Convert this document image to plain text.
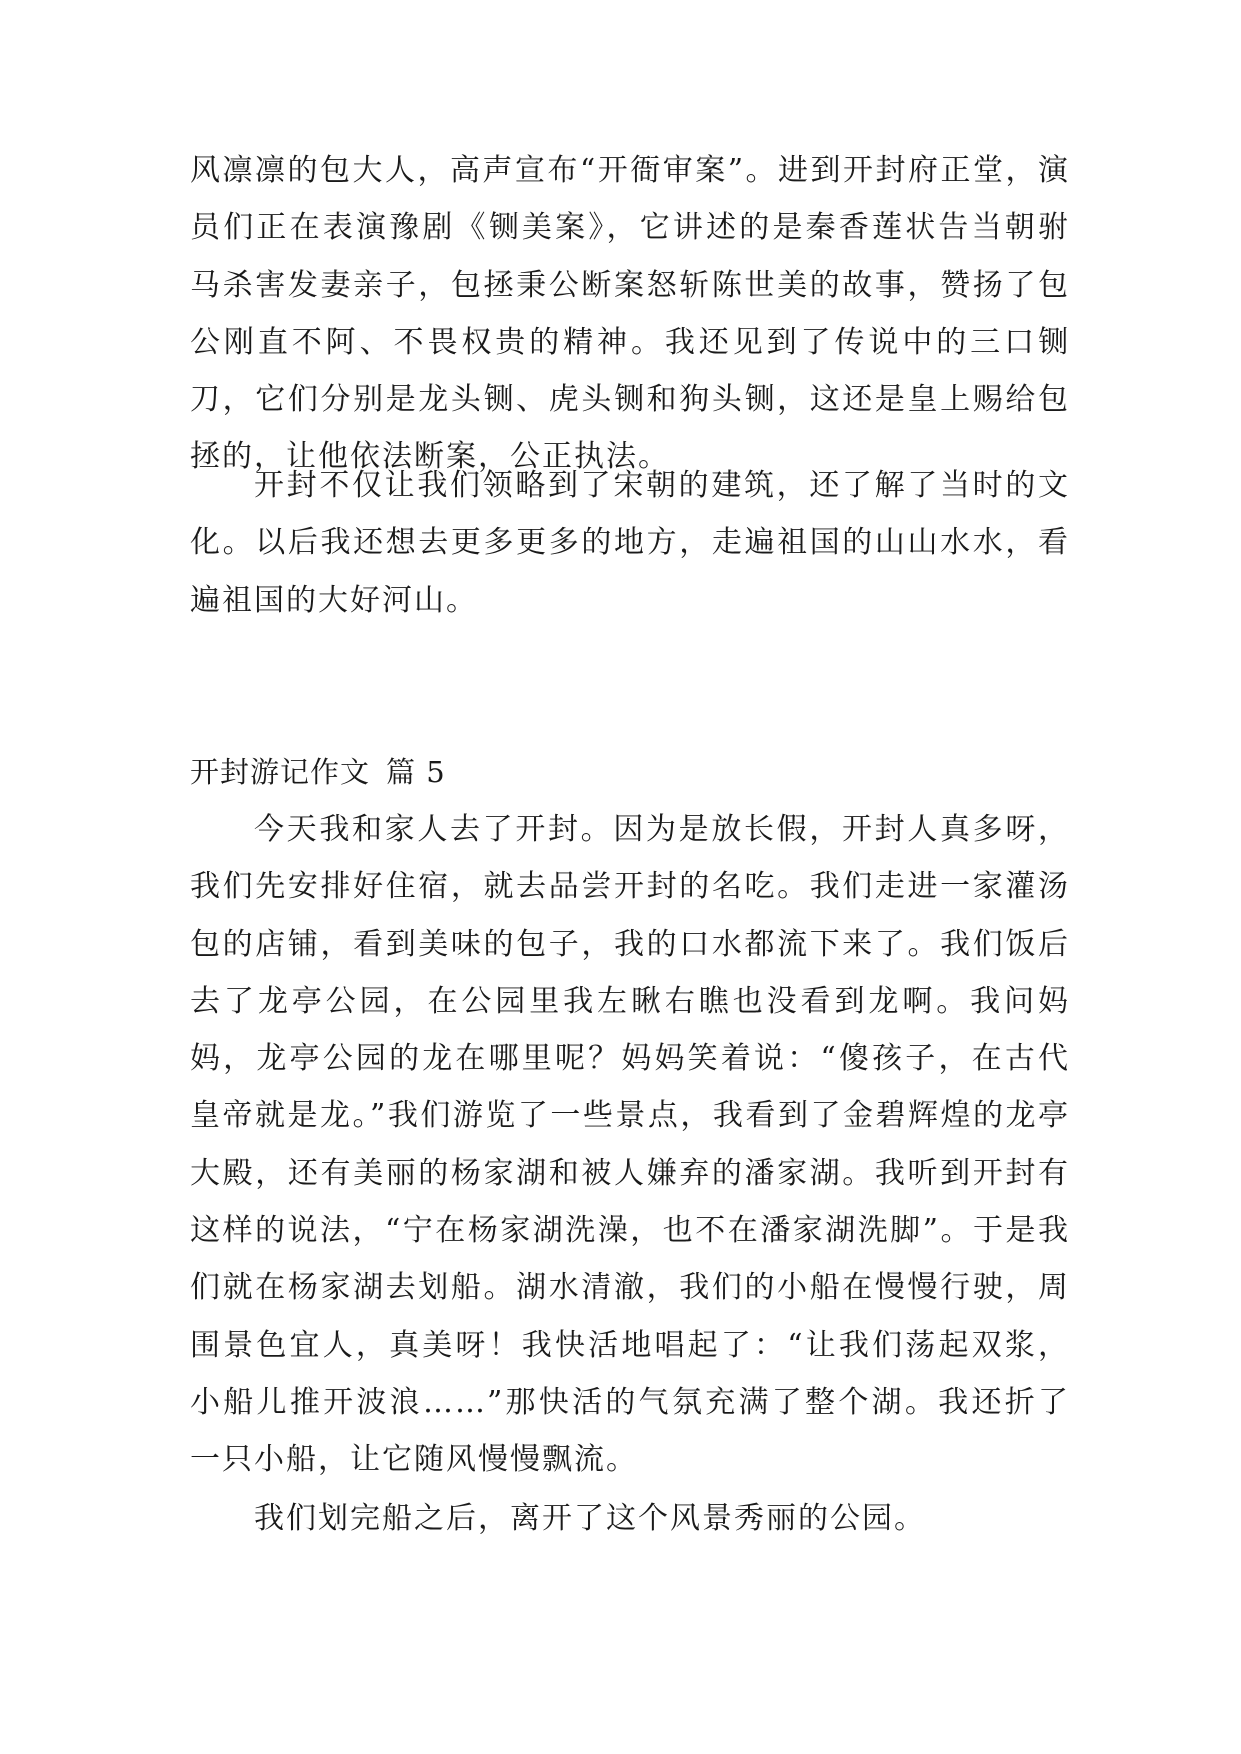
风凛凛的包大人，高声宣布“开衙审案”。进到开封府正堂，演员们正在表演豫剧《铡美案》，它讲述的是秦香莲状告当朝驸马杀害发妻亲子，包拯秉公断案怒斩陈世美的故事，赞扬了包公刚直不阿、不畏权贵的精神。我还见到了传说中的三口铡刀，它们分别是龙头铡、虎头铡和狗头铡，这还是皇上赐给包拯的，让他依法断案，公正执法。

开封不仅让我们领略到了宋朝的建筑，还了解了当时的文化。以后我还想去更多更多的地方，走遍祖国的山山水水，看遍祖国的大好河山。

开封游记作文 篇 5

今天我和家人去了开封。因为是放长假，开封人真多呀，我们先安排好住宿，就去品尝开封的名吃。我们走进一家灌汤包的店铺，看到美味的包子，我的口水都流下来了。我们饭后去了龙亭公园，在公园里我左瞅右瞧也没看到龙啊。我问妈妈，龙亭公园的龙在哪里呢？妈妈笑着说：“傻孩子，在古代皇帝就是龙。”我们游览了一些景点，我看到了金碧辉煌的龙亭大殿，还有美丽的杨家湖和被人嫌弃的潘家湖。我听到开封有这样的说法，“宁在杨家湖洗澡，也不在潘家湖洗脚”。于是我们就在杨家湖去划船。湖水清澈，我们的小船在慢慢行驶，周围景色宜人，真美呀！我快活地唱起了：“让我们荡起双浆，小船儿推开波浪……”那快活的气氛充满了整个湖。我还折了一只小船，让它随风慢慢飘流。

我们划完船之后，离开了这个风景秀丽的公园。
